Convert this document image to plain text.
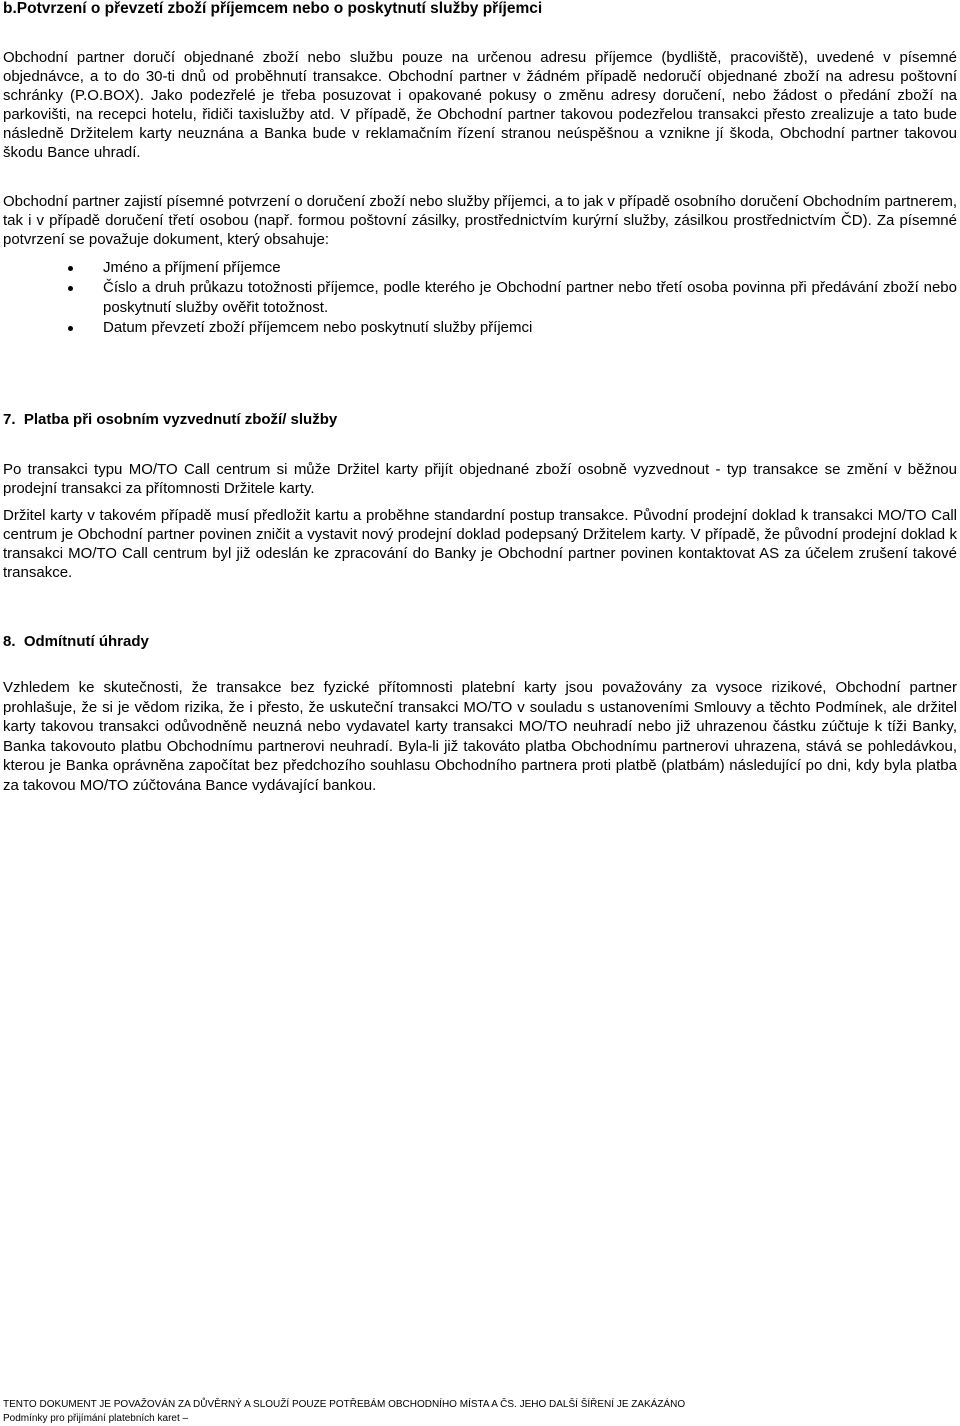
b.Potvrzení o převzetí zboží příjemcem nebo o poskytnutí služby příjemci
Obchodní partner doručí objednané zboží nebo službu pouze na určenou adresu příjemce (bydliště, pracoviště), uvedené v písemné objednávce, a to do 30-ti dnů od proběhnutí transakce. Obchodní partner v žádném případě nedoručí objednané zboží na adresu poštovní schránky (P.O.BOX). Jako podezřelé je třeba posuzovat i opakované pokusy o změnu adresy doručení, nebo žádost o předání zboží na parkovišti, na recepci hotelu, řidiči taxislužby atd. V případě, že Obchodní partner takovou podezřelou transakci přesto zrealizuje a tato bude následně Držitelem karty neuznána a Banka bude v reklamačním řízení stranou neúspěšnou a vznikne jí škoda, Obchodní partner takovou škodu Bance uhradí.
Obchodní partner zajistí písemné potvrzení o doručení zboží nebo služby příjemci, a to jak v případě osobního doručení Obchodním partnerem, tak i v případě doručení třetí osobou (např. formou poštovní zásilky, prostřednictvím kurýrní služby, zásilkou prostřednictvím ČD). Za písemné potvrzení se považuje dokument, který obsahuje:
Jméno a příjmení příjemce
Číslo a druh průkazu totožnosti příjemce, podle kterého je Obchodní partner nebo třetí osoba povinna při předávání zboží nebo poskytnutí služby ověřit totožnost.
Datum převzetí zboží příjemcem nebo poskytnutí služby příjemci
7.  Platba při osobním vyzvednutí zboží/ služby
Po transakci typu MO/TO Call centrum si může Držitel karty přijít objednané zboží osobně vyzvednout - typ transakce se změní v běžnou prodejní transakci za přítomnosti Držitele karty.
Držitel karty v takovém případě musí předložit kartu a proběhne standardní postup transakce. Původní prodejní doklad k transakci MO/TO Call centrum je Obchodní partner povinen zničit a vystavit nový prodejní doklad podepsaný Držitelem karty. V případě, že původní prodejní doklad k transakci MO/TO Call centrum byl již odeslán ke zpracování do Banky je Obchodní partner povinen kontaktovat AS za účelem zrušení takové transakce.
8.  Odmítnutí úhrady
Vzhledem ke skutečnosti, že transakce bez fyzické přítomnosti platební karty jsou považovány za vysoce rizikové, Obchodní partner prohlašuje, že si je vědom rizika, že i přesto, že uskuteční transakci MO/TO v souladu s ustanoveními Smlouvy a těchto Podmínek, ale držitel karty takovou transakci odůvodněně neuzná nebo vydavatel karty transakci MO/TO neuhradí nebo již uhrazenou částku zúčtuje k tíži Banky, Banka takovouto platbu Obchodnímu partnerovi neuhradí. Byla-li již takováto platba Obchodnímu partnerovi uhrazena, stává se pohledávkou, kterou je Banka oprávněna započítat bez předchozího souhlasu Obchodního partnera proti platbě (platbám) následující po dni, kdy byla platba za takovou MO/TO zúčtována Bance vydávající bankou.
TENTO DOKUMENT JE POVAŽOVÁN ZA DŮVĚRNÝ A SLOUŽÍ POUZE POTŘEBÁM OBCHODNÍHO MÍSTA A ČS. JEHO DALŠÍ ŠÍŘENÍ JE ZAKÁZÁNO
Podmínky pro přijímání platebních karet –
